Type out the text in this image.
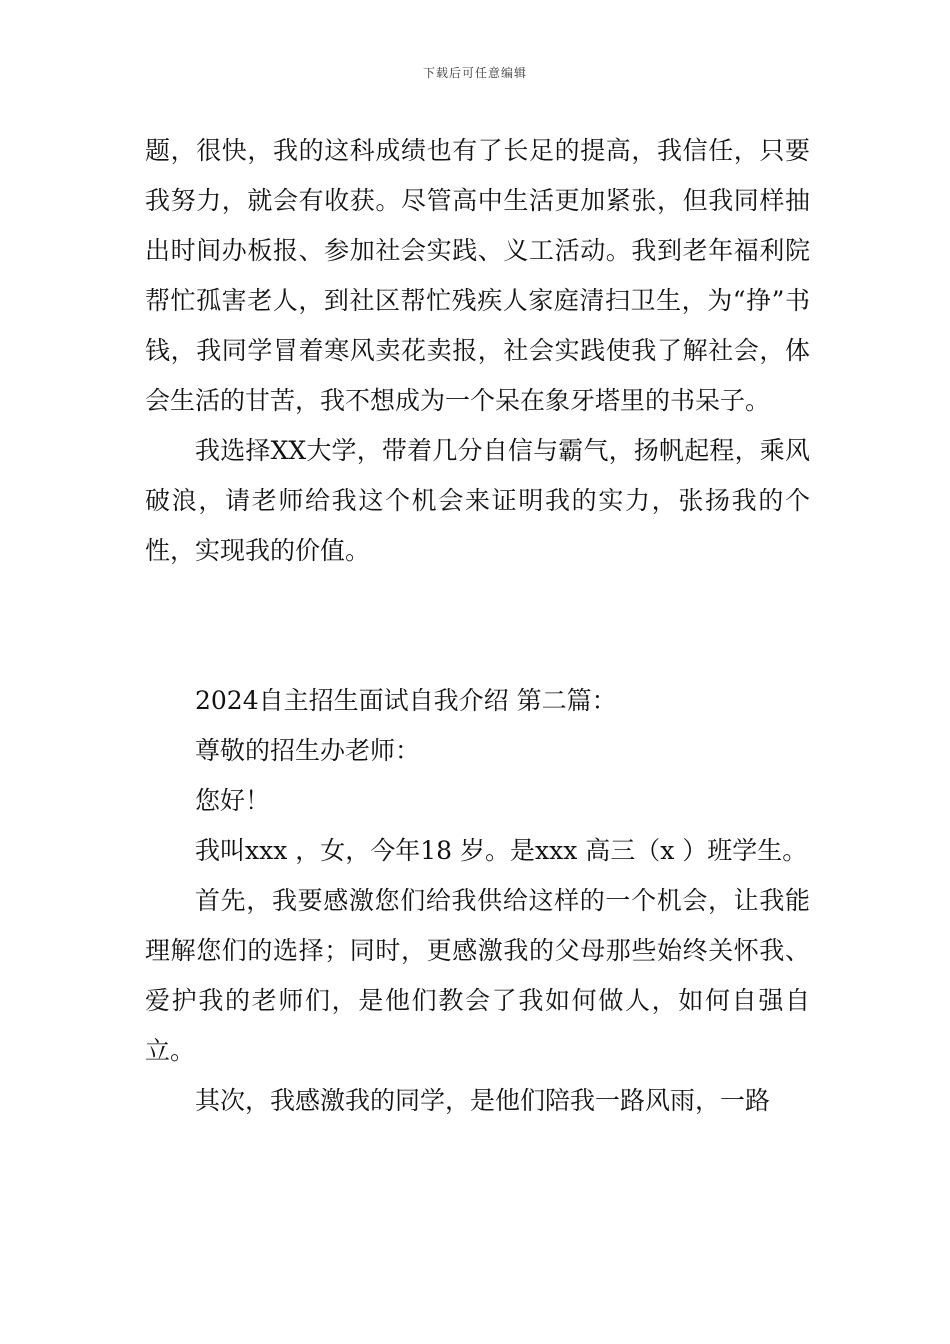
下载后可任意编辑

题，很快，我的这科成绩也有了长足的提高，我信任，只要我努力，就会有收获。尽管高中生活更加紧张，但我同样抽出时间办板报、参加社会实践、义工活动。我到老年福利院帮忙孤害老人，到社区帮忙残疾人家庭清扫卫生，为“挣”书钱，我同学冒着寒风卖花卖报，社会实践使我了解社会，体会生活的甘苦，我不想成为一个呆在象牙塔里的书呆子。

我选择XX大学，带着几分自信与霸气，扬帆起程，乘风破浪，请老师给我这个机会来证明我的实力，张扬我的个性，实现我的价值。

2024自主招生面试自我介绍 第二篇：

尊敬的招生办老师：

您好！

我叫xxx ，女，今年18 岁。是xxx 高三（x ）班学生。

首先，我要感激您们给我供给这样的一个机会，让我能理解您们的选择；同时，更感激我的父母那些始终关怀我、爱护我的老师们，是他们教会了我如何做人，如何自强自立。

其次，我感激我的同学，是他们陪我一路风雨，一路
